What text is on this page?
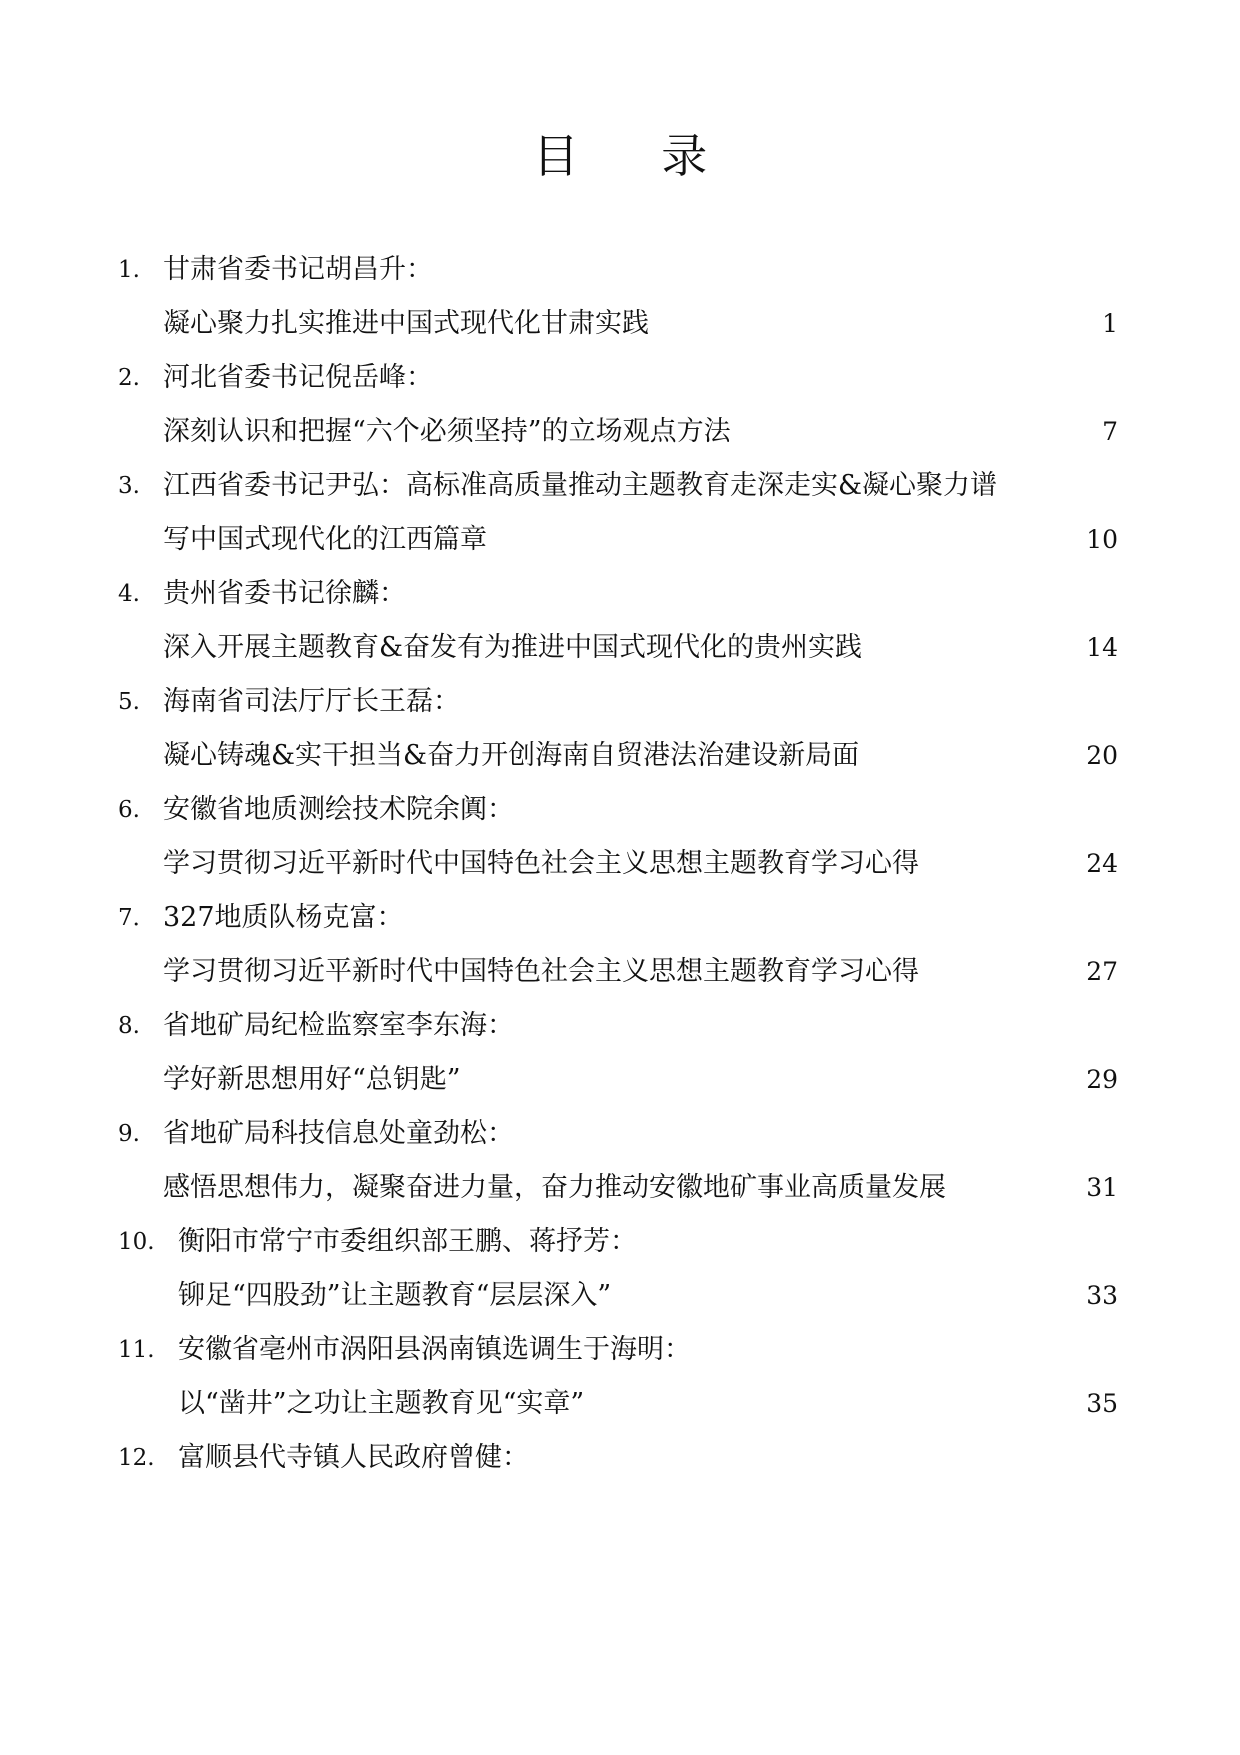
目 录
1. 甘肃省委书记胡昌升：
凝心聚力扎实推进中国式现代化甘肃实践	1
2. 河北省委书记倪岳峰：
深刻认识和把握“六个必须坚持”的立场观点方法	7
3. 江西省委书记尹弘：高标准高质量推动主题教育走深走实&凝心聚力谱
写中国式现代化的江西篇章	10
4. 贵州省委书记徐麟：
深入开展主题教育&奋发有为推进中国式现代化的贵州实践	14
5. 海南省司法厅厅长王磊：
凝心铸魂&实干担当&奋力开创海南自贸港法治建设新局面	20
6. 安徽省地质测绘技术院余阗：
学习贯彻习近平新时代中国特色社会主义思想主题教育学习心得	24
7． 327地质队杨克富：
学习贯彻习近平新时代中国特色社会主义思想主题教育学习心得	27
8. 省地矿局纪检监察室李东海：
学好新思想用好“总钥匙”	29
9. 省地矿局科技信息处童劲松：
感悟思想伟力，凝聚奋进力量，奋力推动安徽地矿事业高质量发展	31
10. 衡阳市常宁市委组织部王鹏、蒋抒芳：
铆足“四股劲”让主题教育“层层深入”	33
11. 安徽省亳州市涡阳县涡南镇选调生于海明：
以“凿井”之功让主题教育见“实章”	35
12. 富顺县代寺镇人民政府曾健：
